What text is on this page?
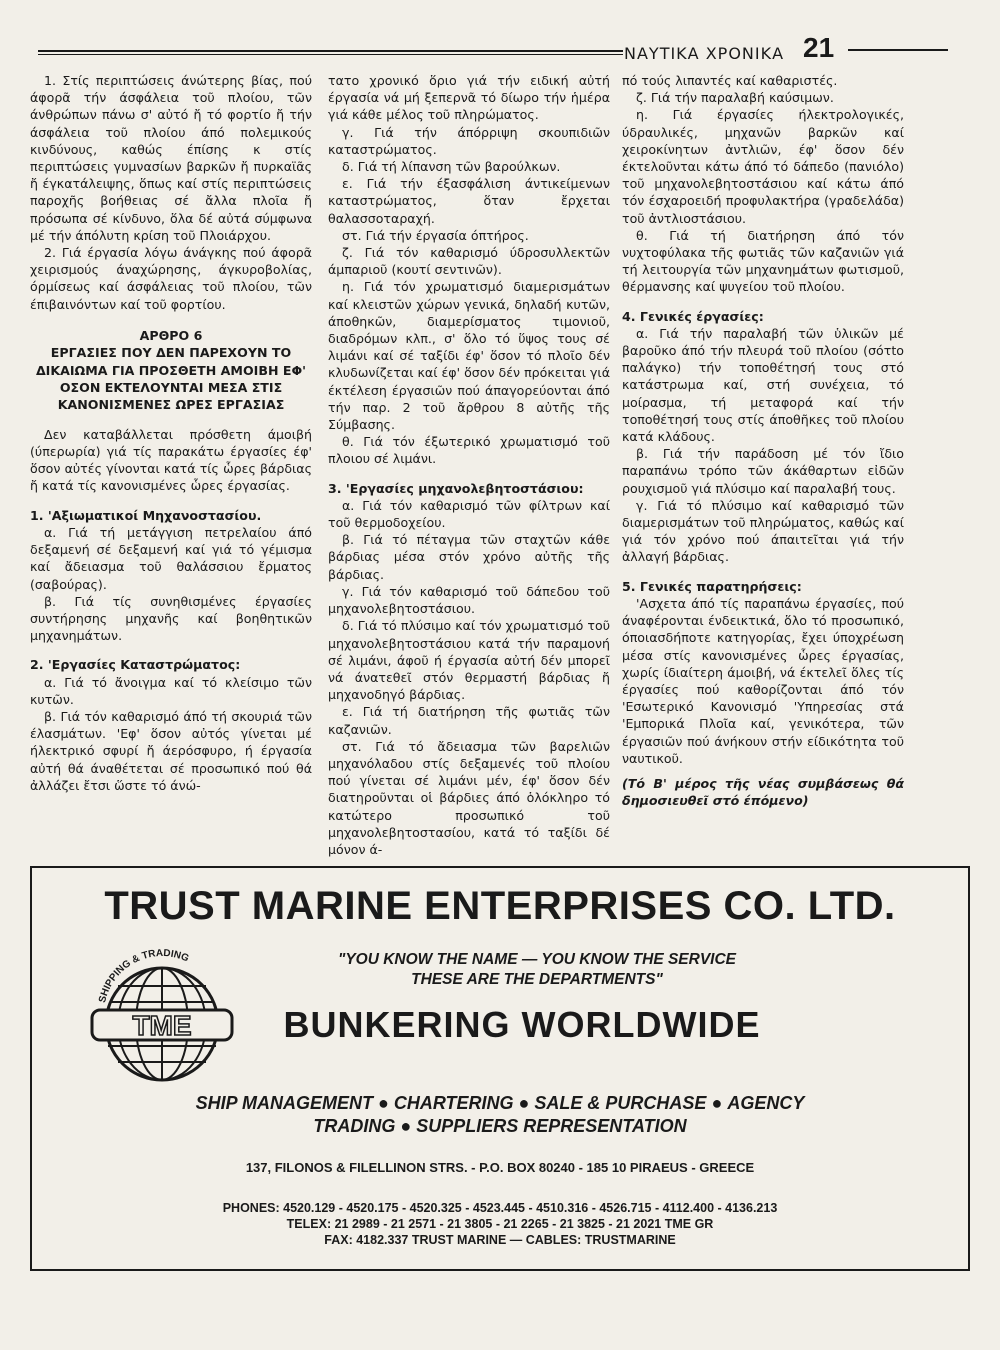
ΝΑΥΤΙΚΑ ΧΡΟΝΙΚΑ 21

1. Στίς περιπτώσεις άνώτερης βίας, πού άφορᾶ τήν άσφάλεια τοῦ πλοίου, τῶν άνθρώπων πάνω σ' αὐτό ἤ τό φορτίο ἤ τήν άσφάλεια τοῦ πλοίου άπό πολεμικούς κινδύνους, καθώς έπίσης κ στίς περιπτώσεις γυμνασίων βαρκῶν ἤ πυρκαϊᾶς ἤ έγκατάλειψης, ὅπως καί στίς περιπτώσεις παροχῆς βοήθειας σέ ἄλλα πλοῖα ἤ πρόσωπα σέ κίνδυνο, ὅλα δέ αὐτά σύμφωνα μέ τήν άπόλυτη κρίση τοῦ Πλοιάρχου.

2. Γιά έργασία λόγω άνάγκης πού άφορᾶ χειρισμούς άναχώρησης, άγκυροβολίας, όρμίσεως καί άσφάλειας τοῦ πλοίου, τῶν έπιβαινόντων καί τοῦ φορτίου.

ΑΡΘΡΟ 6
ΕΡΓΑΣΙΕΣ ΠΟΥ ΔΕΝ ΠΑΡΕΧΟΥΝ ΤΟ ΔΙΚΑΙΩΜΑ ΓΙΑ ΠΡΟΣΘΕΤΗ ΑΜΟΙΒΗ ΕΦ' ΟΣΟΝ ΕΚΤΕΛΟΥΝΤΑΙ ΜΕΣΑ ΣΤΙΣ ΚΑΝΟΝΙΣΜΕΝΕΣ ΩΡΕΣ ΕΡΓΑΣΙΑΣ

Δεν καταβάλλεται πρόσθετη άμοιβή (ύπερωρία) γιά τίς παρακάτω έργασίες έφ' ὅσον αὐτές γίνονται κατά τίς ὧρες βάρδιας ἤ κατά τίς κανονισμένες ὧρες έργασίας.

1. 'Αξιωματικοί Μηχανοστασίου.

α. Γιά τή μετάγγιση πετρελαίου άπό δεξαμενή σέ δεξαμενή καί γιά τό γέμισμα καί ἄδειασμα τοῦ θαλάσσιου ἔρματος (σαβούρας).

β. Γιά τίς συνηθισμένες έργασίες συντήρησης μηχανῆς καί βοηθητικῶν μηχανημάτων.

2. 'Εργασίες Καταστρώματος:

α. Γιά τό ἄνοιγμα καί τό κλείσιμο τῶν κυτῶν.

β. Γιά τόν καθαρισμό άπό τή σκουριά τῶν έλασμάτων. 'Εφ' ὅσον αὐτός γίνεται μέ ήλεκτρικό σφυρί ἤ άερόσφυρο, ή έργασία αὐτή θά άναθέτεται σέ προσωπικό πού θά ἀλλάζει ἔτσι ὥστε τό άνώ-

τατο χρονικό ὅριο γιά τήν ειδική αὐτή έργασία νά μή ξεπερνᾶ τό δίωρο τήν ἡμέρα γιά κάθε μέλος τοῦ πληρώματος.

γ. Γιά τήν άπόρριψη σκουπιδιῶν καταστρώματος.

δ. Γιά τή λίπανση τῶν βαρούλκων.

ε. Γιά τήν έξασφάλιση άντικείμενων καταστρώματος, ὅταν ἔρχεται θαλασσοταραχή.

στ. Γιά τήν έργασία όπτήρος.

ζ. Γιά τόν καθαρισμό ύδροσυλλεκτῶν άμπαριοῦ (κουτί σεντινῶν).

η. Γιά τόν χρωματισμό διαμερισμάτων καί κλειστῶν χώρων γενικά, δηλαδή κυτῶν, άποθηκῶν, διαμερίσματος τιμονιοῦ, διαδρόμων κλπ., σ' ὅλο τό ὕψος τους σέ λιμάνι καί σέ ταξίδι έφ' ὅσον τό πλοῖο δέν κλυδωνίζεται καί έφ' ὅσον δέν πρόκειται γιά έκτέλεση έργασιῶν πού άπαγορεύονται άπό τήν παρ. 2 τοῦ ἄρθρου 8 αὐτῆς τῆς Σύμβασης.

θ. Γιά τόν έξωτερικό χρωματισμό τοῦ πλοιου σέ λιμάνι.

3. 'Εργασίες μηχανολεβητοστάσιου:

α. Γιά τόν καθαρισμό τῶν φίλτρων καί τοῦ θερμοδοχείου.

β. Γιά τό πέταγμα τῶν σταχτῶν κάθε βάρδιας μέσα στόν χρόνο αὐτῆς τῆς βάρδιας.

γ. Γιά τόν καθαρισμό τοῦ δάπεδου τοῦ μηχανολεβητοστάσιου.

δ. Γιά τό πλύσιμο καί τόν χρωματισμό τοῦ μηχανολεβητοστάσιου κατά τήν παραμονή σέ λιμάνι, άφοῦ ή έργασία αὐτή δέν μπορεῖ νά άνατεθεῖ στόν θερμαστή βάρδιας ἤ μηχανοδηγό βάρδιας.

ε. Γιά τή διατήρηση τῆς φωτιᾶς τῶν καζανιῶν.

στ. Γιά τό ἄδειασμα τῶν βαρελιῶν μηχανόλαδου στίς δεξαμενές τοῦ πλοίου πού γίνεται σέ λιμάνι μέν, έφ' ὅσον δέν διατηροῦνται οἱ βάρδιες άπό ὁλόκληρο τό κατώτερο προσωπικό τοῦ μηχανολεβητοστασίου, κατά τό ταξίδι δέ μόνον ά-

πό τούς λιπαντές καί καθαριστές.

ζ. Γιά τήν παραλαβή καύσιμων.

η. Γιά έργασίες ήλεκτρολογικές, ύδραυλικές, μηχανῶν βαρκῶν καί χειροκίνητων ἀντλιῶν, έφ' ὅσον δέν έκτελοῦνται κάτω άπό τό δάπεδο (πανιόλο) τοῦ μηχανολεβητοστάσιου καί κάτω άπό τόν έσχαροειδή προφυλακτήρα (γραδελάδα) τοῦ ἀντλιοστάσιου.

θ. Γιά τή διατήρηση άπό τόν νυχτοφύλακα τῆς φωτιᾶς τῶν καζανιῶν γιά τή λειτουργία τῶν μηχανημάτων φωτισμοῦ, θέρμανσης καί ψυγείου τοῦ πλοίου.

4. Γενικές έργασίες:

α. Γιά τήν παραλαβή τῶν ὑλικῶν μέ βαροῦκο άπό τήν πλευρά τοῦ πλοίου (σότto παλάγκο) τήν τοποθέτησή τους στό κατάστρωμα καί, στή συνέχεια, τό μοίρασμα, τή μεταφορά καί τήν τοποθέτησή τους στίς άποθῆκες τοῦ πλοίου κατά κλάδους.

β. Γιά τήν παράδοση μέ τόν ἴδιο παραπάνω τρόπο τῶν άκάθαρτων εἰδῶν ρουχισμοῦ γιά πλύσιμο καί παραλαβή τους.

γ. Γιά τό πλύσιμο καί καθαρισμό τῶν διαμερισμάτων τοῦ πληρώματος, καθώς καί γιά τόν χρόνο πού άπαιτεῖται γιά τήν ἀλλαγή βάρδιας.

5. Γενικές παρατηρήσεις:

'Ασχετα άπό τίς παραπάνω έργασίες, πού άναφέρονται ένδεικτικά, ὅλο τό προσωπικό, όποιασδήποτε κατηγορίας, ἔχει ύποχρέωση μέσα στίς κανονισμένες ὧρες έργασίας, χωρίς ίδιαίτερη άμοιβή, νά έκτελεῖ ὅλες τίς έργασίες πού καθορίζονται άπό τόν 'Εσωτερικό Κανονισμό 'Υπηρεσίας στά 'Εμπορικά Πλοῖα καί, γενικότερα, τῶν έργασιῶν πού άνήκουν στήν είδικότητα τοῦ ναυτικοῦ.

(Τό Β' μέρος τῆς νέας συμβάσεως θά δημοσιευθεῖ στό έπόμενο)

TRUST MARINE ENTERPRISES CO. LTD.
SHIPPING & TRADING
TME
"YOU KNOW THE NAME — YOU KNOW THE SERVICE
THESE ARE THE DEPARTMENTS"
BUNKERING WORLDWIDE
SHIP MANAGEMENT ● CHARTERING ● SALE & PURCHASE ● AGENCY
TRADING ● SUPPLIERS REPRESENTATION
137, FILONOS & FILELLINON STRS. - P.O. BOX 80240 - 185 10 PIRAEUS - GREECE
PHONES: 4520.129 - 4520.175 - 4520.325 - 4523.445 - 4510.316 - 4526.715 - 4112.400 - 4136.213
TELEX: 21 2989 - 21 2571 - 21 3805 - 21 2265 - 21 3825 - 21 2021 TME GR
FAX: 4182.337 TRUST MARINE — CABLES: TRUSTMARINE
